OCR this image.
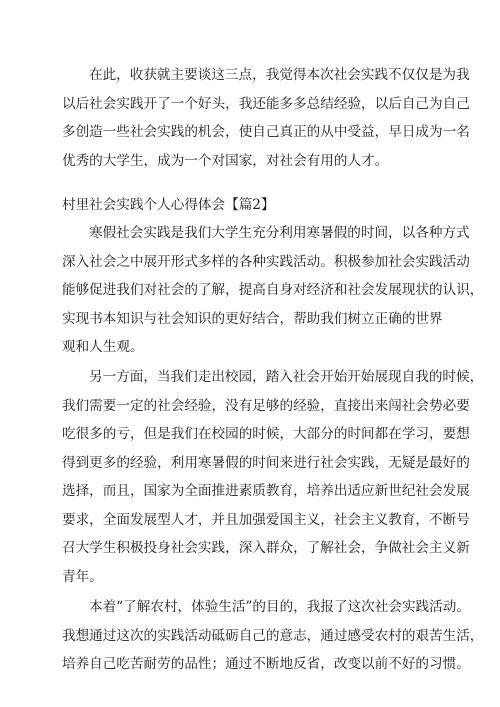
在此，收获就主要谈这三点，我觉得本次社会实践不仅仅是为我
以后社会实践开了一个好头，我还能多多总结经验，以后自己为自己
多创造一些社会实践的机会，使自己真正的从中受益，早日成为一名
优秀的大学生，成为一个对国家，对社会有用的人才。
村里社会实践个人心得体会【篇2】
寒假社会实践是我们大学生充分利用寒暑假的时间，以各种方式
深入社会之中展开形式多样的各种实践活动。积极参加社会实践活动
能够促进我们对社会的了解，提高自身对经济和社会发展现状的认识，
实现书本知识与社会知识的更好结合，帮助我们树立正确的世界
观和人生观。
另一方面，当我们走出校园，踏入社会开始开始展现自我的时候，
我们需要一定的社会经验，没有足够的经验，直接出来闯社会势必要
吃很多的亏，但是我们在校园的时候，大部分的时间都在学习，要想
得到更多的经验，利用寒暑假的时间来进行社会实践，无疑是最好的
选择，而且，国家为全面推进素质教育，培养出适应新世纪社会发展
要求，全面发展型人才，并且加强爱国主义，社会主义教育，不断号
召大学生积极投身社会实践，深入群众，了解社会，争做社会主义新
青年。
本着“了解农村，体验生活”的目的，我报了这次社会实践活动。
我想通过这次的实践活动砥砺自己的意志，通过感受农村的艰苦生活，
培养自己吃苦耐劳的品性；通过不断地反省，改变以前不好的习惯。
